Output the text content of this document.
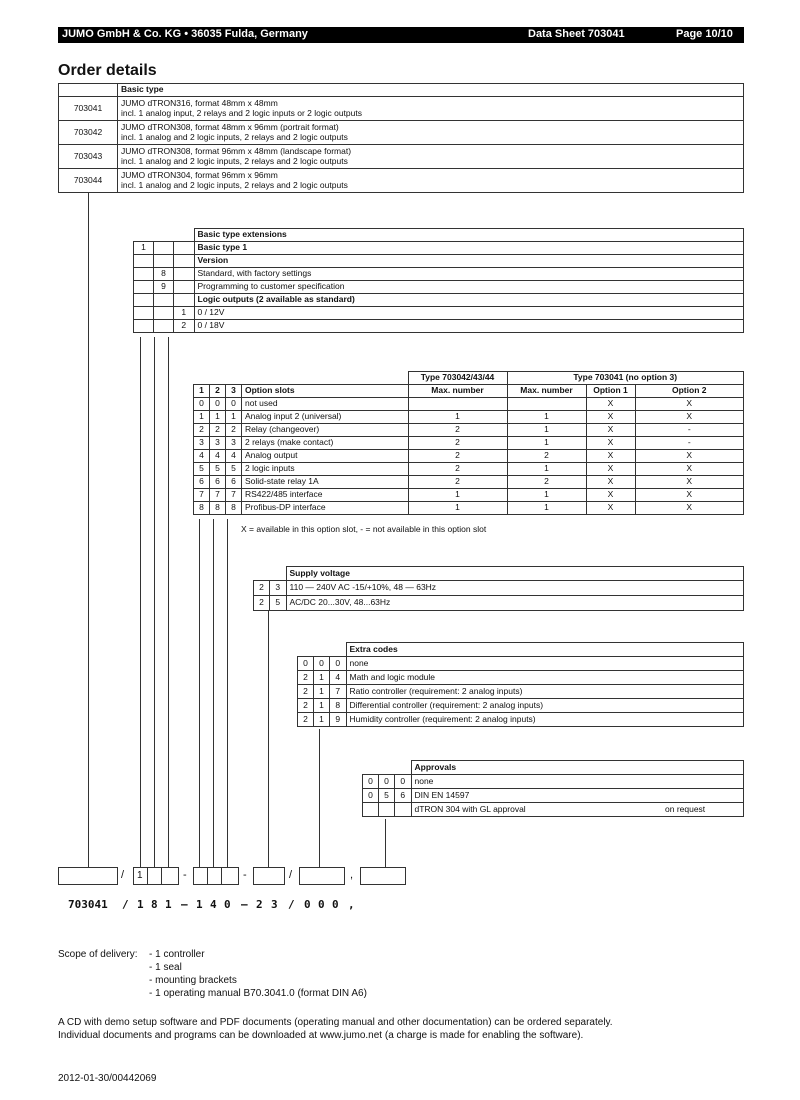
JUMO GmbH & Co. KG • 36035 Fulda, Germany	Data Sheet 703041	Page 10/10
Order details
	Basic type
703041	JUMO dTRON316, format 48mm x 48mm
incl. 1 analog input, 2 relays and 2 logic inputs or 2 logic outputs
703042	JUMO dTRON308, format 48mm x 96mm (portrait format)
incl. 1 analog and 2 logic inputs, 2 relays and 2 logic outputs
703043	JUMO dTRON308, format 96mm x 48mm (landscape format)
incl. 1 analog and 2 logic inputs, 2 relays and 2 logic outputs
703044	JUMO dTRON304, format 96mm x 96mm
incl. 1 analog and 2 logic inputs, 2 relays and 2 logic outputs
			Basic type extensions
1			Basic type 1
			Version
	8		Standard, with factory settings
	9		Programming to customer specification
			Logic outputs (2 available as standard)
		1	0 / 12V
		2	0 / 18V
				Type 703042/43/44	Type 703041 (no option 3)		
1	2	3	Option slots	Max. number	Max. number	Option 1	Option 2
0	0	0	not used			X	X
1	1	1	Analog input 2 (universal)	1	1	X	X
2	2	2	Relay (changeover)	2	1	X	-
3	3	3	2 relays (make contact)	2	1	X	-
4	4	4	Analog output	2	2	X	X
5	5	5	2 logic inputs	2	1	X	X
6	6	6	Solid-state relay 1A	2	2	X	X
7	7	7	RS422/485 interface	1	1	X	X
8	8	8	Profibus-DP interface	1	1	X	X
X = available in this option slot, - = not available in this option slot
		Supply voltage
2	3	110 — 240V AC -15/+10%, 48 — 63Hz
2	5	AC/DC 20...30V, 48...63Hz
			Extra codes
0	0	0	none
2	1	4	Math and logic module
2	1	7	Ratio controller (requirement: 2 analog inputs)
2	1	8	Differential controller (requirement: 2 analog inputs)
2	1	9	Humidity controller (requirement: 2 analog inputs)
			Approvals	
0	0	0	none	
0	5	6	DIN EN 14597	
			dTRON 304 with GL approval	on request
/ 1	-	-	/	,
703041 / 1 8 1 – 1 4 0 – 2 3 / 0 0 0 ,
Scope of delivery: - 1 controller
- 1 seal
- mounting brackets
- 1 operating manual B70.3041.0 (format DIN A6)
A CD with demo setup software and PDF documents (operating manual and other documentation) can be ordered separately.
Individual documents and programs can be downloaded at www.jumo.net (a charge is made for enabling the software).
2012-01-30/00442069
